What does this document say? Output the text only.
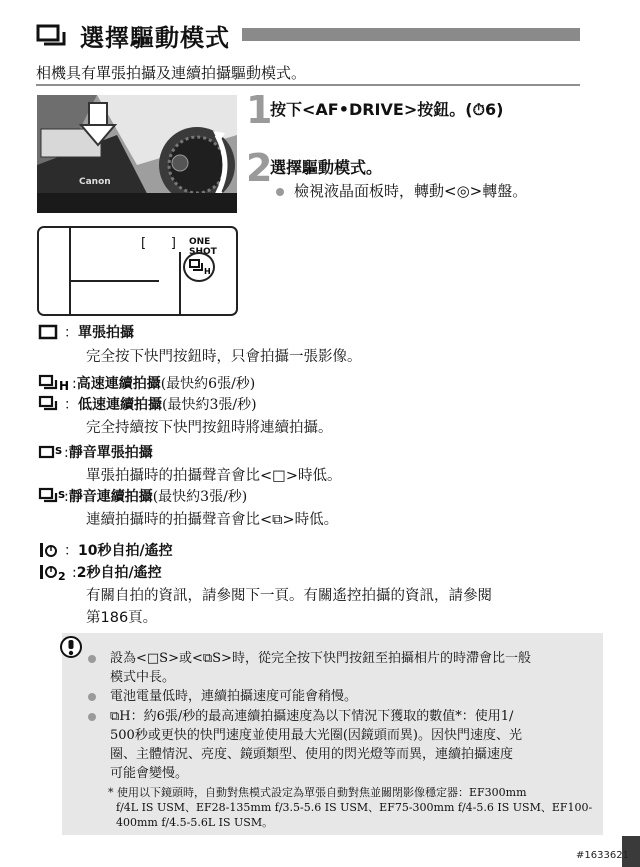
選擇驅動模式
相機具有單張拍攝及連續拍攝驅動模式。
Canon
[      ] ONE SHOT
H
1
按下<AF•DRIVE>按鈕。(⏱6)
2
選擇驅動模式。
檢視液晶面板時，轉動<◎>轉盤。
：單張拍攝
完全按下快門按鈕時，只會拍攝一張影像。
H :高速連續拍攝(最快約6張/秒)
：低速連續拍攝(最快約3張/秒)
完全持續按下快門按鈕時將連續拍攝。
S :靜音單張拍攝
單張拍攝時的拍攝聲音會比<□>時低。
S
:靜音連續拍攝(最快約3張/秒)
連續拍攝時的拍攝聲音會比<⧉>時低。
：10秒自拍/遙控
2 :2秒自拍/遙控
有關自拍的資訊，請參閱下一頁。有關遙控拍攝的資訊，請參閱
第186頁。
設為<□S>或<⧉S>時，從完全按下快門按鈕至拍攝相片的時滯會比一般
模式中長。
電池電量低時，連續拍攝速度可能會稍慢。
⧉H：約6張/秒的最高連續拍攝速度為以下情況下獲取的數值*：使用1/
500秒或更快的快門速度並使用最大光圈(因鏡頭而異)。因快門速度、光
圈、主體情況、亮度、鏡頭類型、使用的閃光燈等而異，連續拍攝速度
可能會變慢。
* 使用以下鏡頭時，自動對焦模式設定為單張自動對焦並關閉影像穩定器：EF300mm
f/4L IS USM、EF28-135mm f/3.5-5.6 IS USM、EF75-300mm f/4-5.6 IS USM、EF100-
400mm f/4.5-5.6L IS USM。
#1633621
